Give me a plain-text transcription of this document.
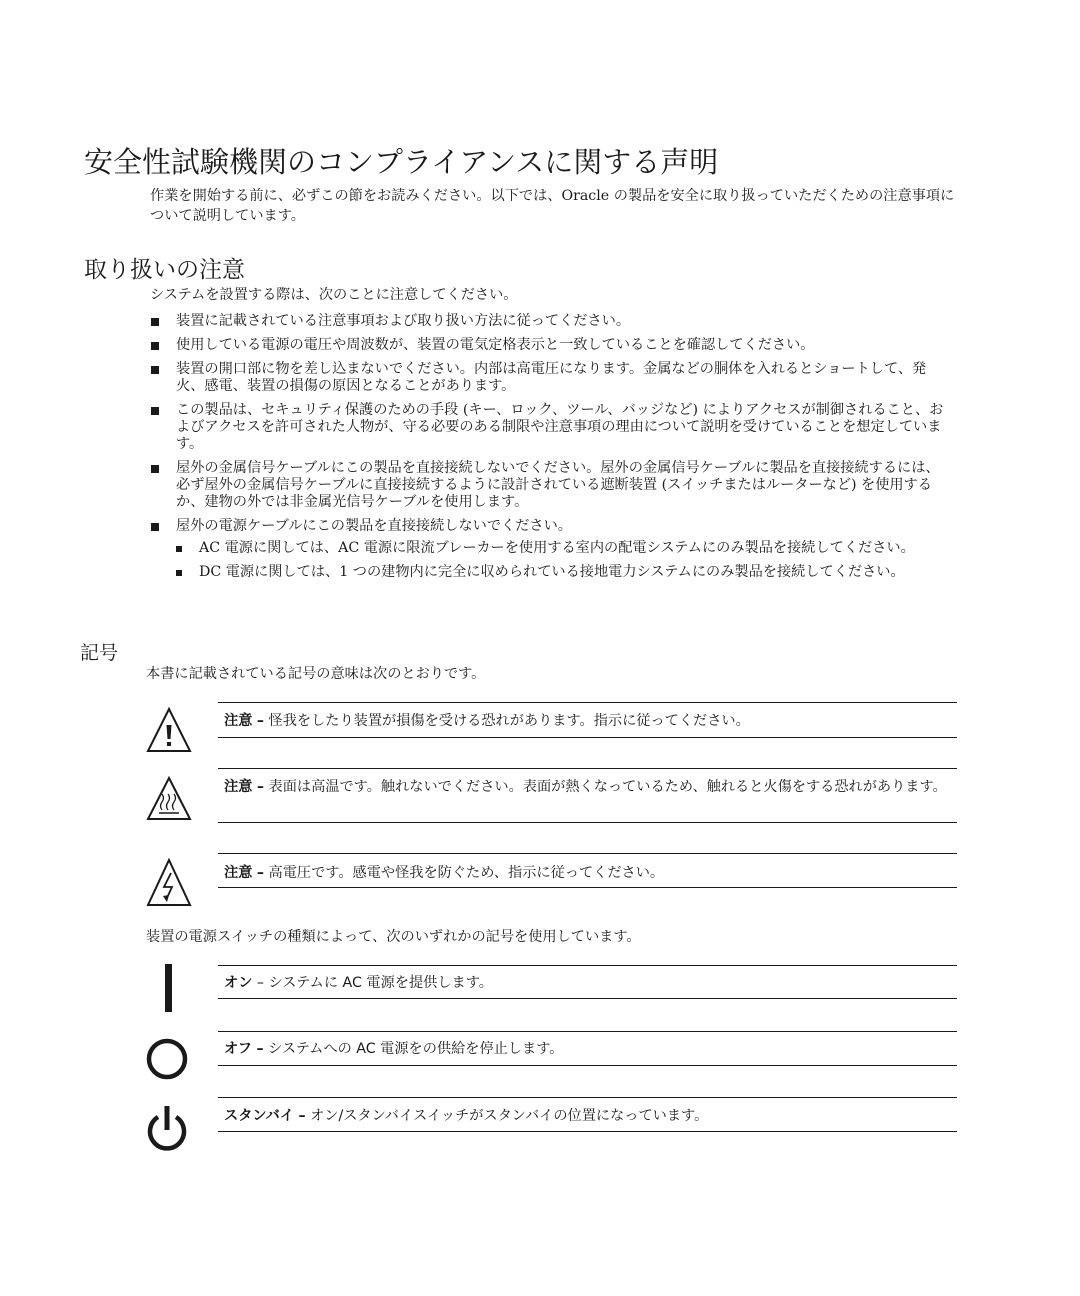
安全性試験機関のコンプライアンスに関する声明

作業を開始する前に、必ずこの節をお読みください。以下では、Oracle の製品を安全に取り扱っていただくための注意事項について説明しています。

取り扱いの注意

システムを設置する際は、次のことに注意してください。

装置に記載されている注意事項および取り扱い方法に従ってください。
使用している電源の電圧や周波数が、装置の電気定格表示と一致していることを確認してください。
装置の開口部に物を差し込まないでください。内部は高電圧になります。金属などの胴体を入れるとショートして、発火、感電、装置の損傷の原因となることがあります。
この製品は、セキュリティ保護のための手段 (キー、ロック、ツール、バッジなど) によりアクセスが制御されること、およびアクセスを許可された人物が、守る必要のある制限や注意事項の理由について説明を受けていることを想定しています。
屋外の金属信号ケーブルにこの製品を直接接続しないでください。屋外の金属信号ケーブルに製品を直接接続するには、必ず屋外の金属信号ケーブルに直接接続するように設計されている遮断装置 (スイッチまたはルーターなど) を使用するか、建物の外では非金属光信号ケーブルを使用します。
屋外の電源ケーブルにこの製品を直接接続しないでください。
AC 電源に関しては、AC 電源に限流ブレーカーを使用する室内の配電システムにのみ製品を接続してください。
DC 電源に関しては、1 つの建物内に完全に収められている接地電力システムにのみ製品を接続してください。
記号

本書に記載されている記号の意味は次のとおりです。

注意 – 怪我をしたり装置が損傷を受ける恐れがあります。指示に従ってください。
注意 – 表面は高温です。触れないでください。表面が熱くなっているため、触れると火傷をする恐れがあります。
注意 – 高電圧です。感電や怪我を防ぐため、指示に従ってください。

装置の電源スイッチの種類によって、次のいずれかの記号を使用しています。

オン – システムに AC 電源を提供します。
オフ – システムへの AC 電源をの供給を停止します。
スタンバイ – オン/スタンバイスイッチがスタンバイの位置になっています。
